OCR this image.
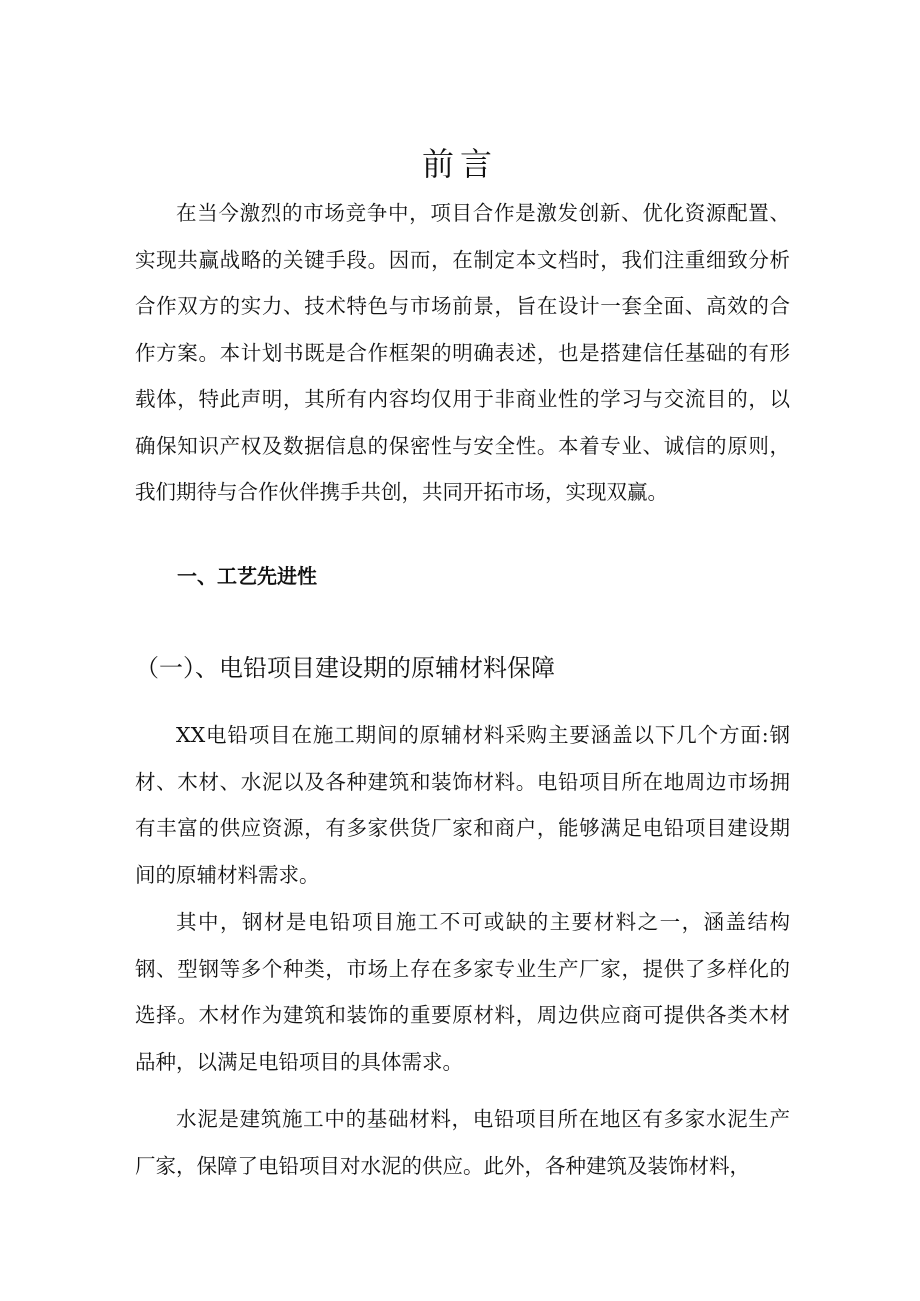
前言

在当今激烈的市场竞争中，项目合作是激发创新、优化资源配置、实现共赢战略的关键手段。因而，在制定本文档时，我们注重细致分析合作双方的实力、技术特色与市场前景，旨在设计一套全面、高效的合作方案。本计划书既是合作框架的明确表述，也是搭建信任基础的有形载体，特此声明，其所有内容均仅用于非商业性的学习与交流目的，以确保知识产权及数据信息的保密性与安全性。本着专业、诚信的原则，我们期待与合作伙伴携手共创，共同开拓市场，实现双赢。

一、工艺先进性
（一）、电铅项目建设期的原辅材料保障

XX电铅项目在施工期间的原辅材料采购主要涵盖以下几个方面:钢材、木材、水泥以及各种建筑和装饰材料。电铅项目所在地周边市场拥有丰富的供应资源，有多家供货厂家和商户，能够满足电铅项目建设期间的原辅材料需求。

其中，钢材是电铅项目施工不可或缺的主要材料之一，涵盖结构钢、型钢等多个种类，市场上存在多家专业生产厂家，提供了多样化的选择。木材作为建筑和装饰的重要原材料，周边供应商可提供各类木材品种，以满足电铅项目的具体需求。

水泥是建筑施工中的基础材料，电铅项目所在地区有多家水泥生产厂家，保障了电铅项目对水泥的供应。此外，各种建筑及装饰材料，
